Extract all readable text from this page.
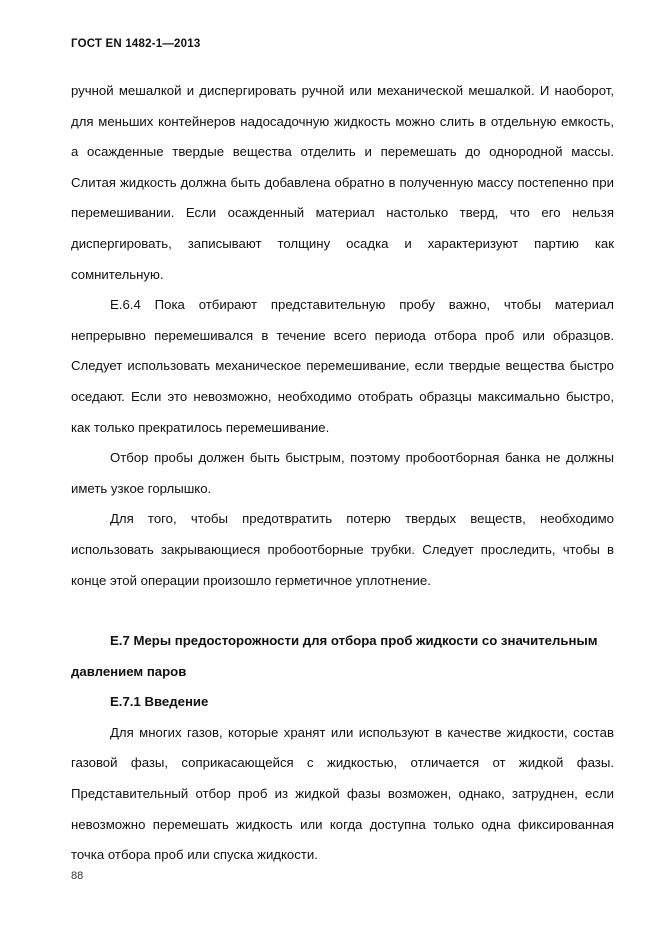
ГОСТ EN 1482-1—2013

ручной мешалкой и диспергировать ручной или механической мешалкой. И наоборот, для меньших контейнеров надосадочную жидкость можно слить в отдельную емкость, а осажденные твердые вещества отделить и перемешать до однородной массы. Слитая жидкость должна быть добавлена обратно в полученную массу постепенно при перемешивании. Если осажденный материал настолько тверд, что его нельзя диспергировать, записывают толщину осадка и характеризуют партию как сомнительную.

Е.6.4 Пока отбирают представительную пробу важно, чтобы материал непрерывно перемешивался в течение всего периода отбора проб или образцов. Следует использовать механическое перемешивание, если твердые вещества быстро оседают. Если это невозможно, необходимо отобрать образцы максимально быстро, как только прекратилось перемешивание.

Отбор пробы должен быть быстрым, поэтому пробоотборная банка не должны иметь узкое горлышко.

Для того, чтобы предотвратить потерю твердых веществ, необходимо использовать закрывающиеся пробоотборные трубки. Следует проследить, чтобы в конце этой операции произошло герметичное уплотнение.

Е.7 Меры предосторожности для отбора проб жидкости со значительным

давлением паров

Е.7.1 Введение

Для многих газов, которые хранят или используют в качестве жидкости, состав газовой фазы, соприкасающейся с жидкостью, отличается от жидкой фазы. Представительный отбор проб из жидкой фазы возможен, однако, затруднен, если невозможно перемешать жидкость или когда доступна только одна фиксированная точка отбора проб или спуска жидкости.

88
